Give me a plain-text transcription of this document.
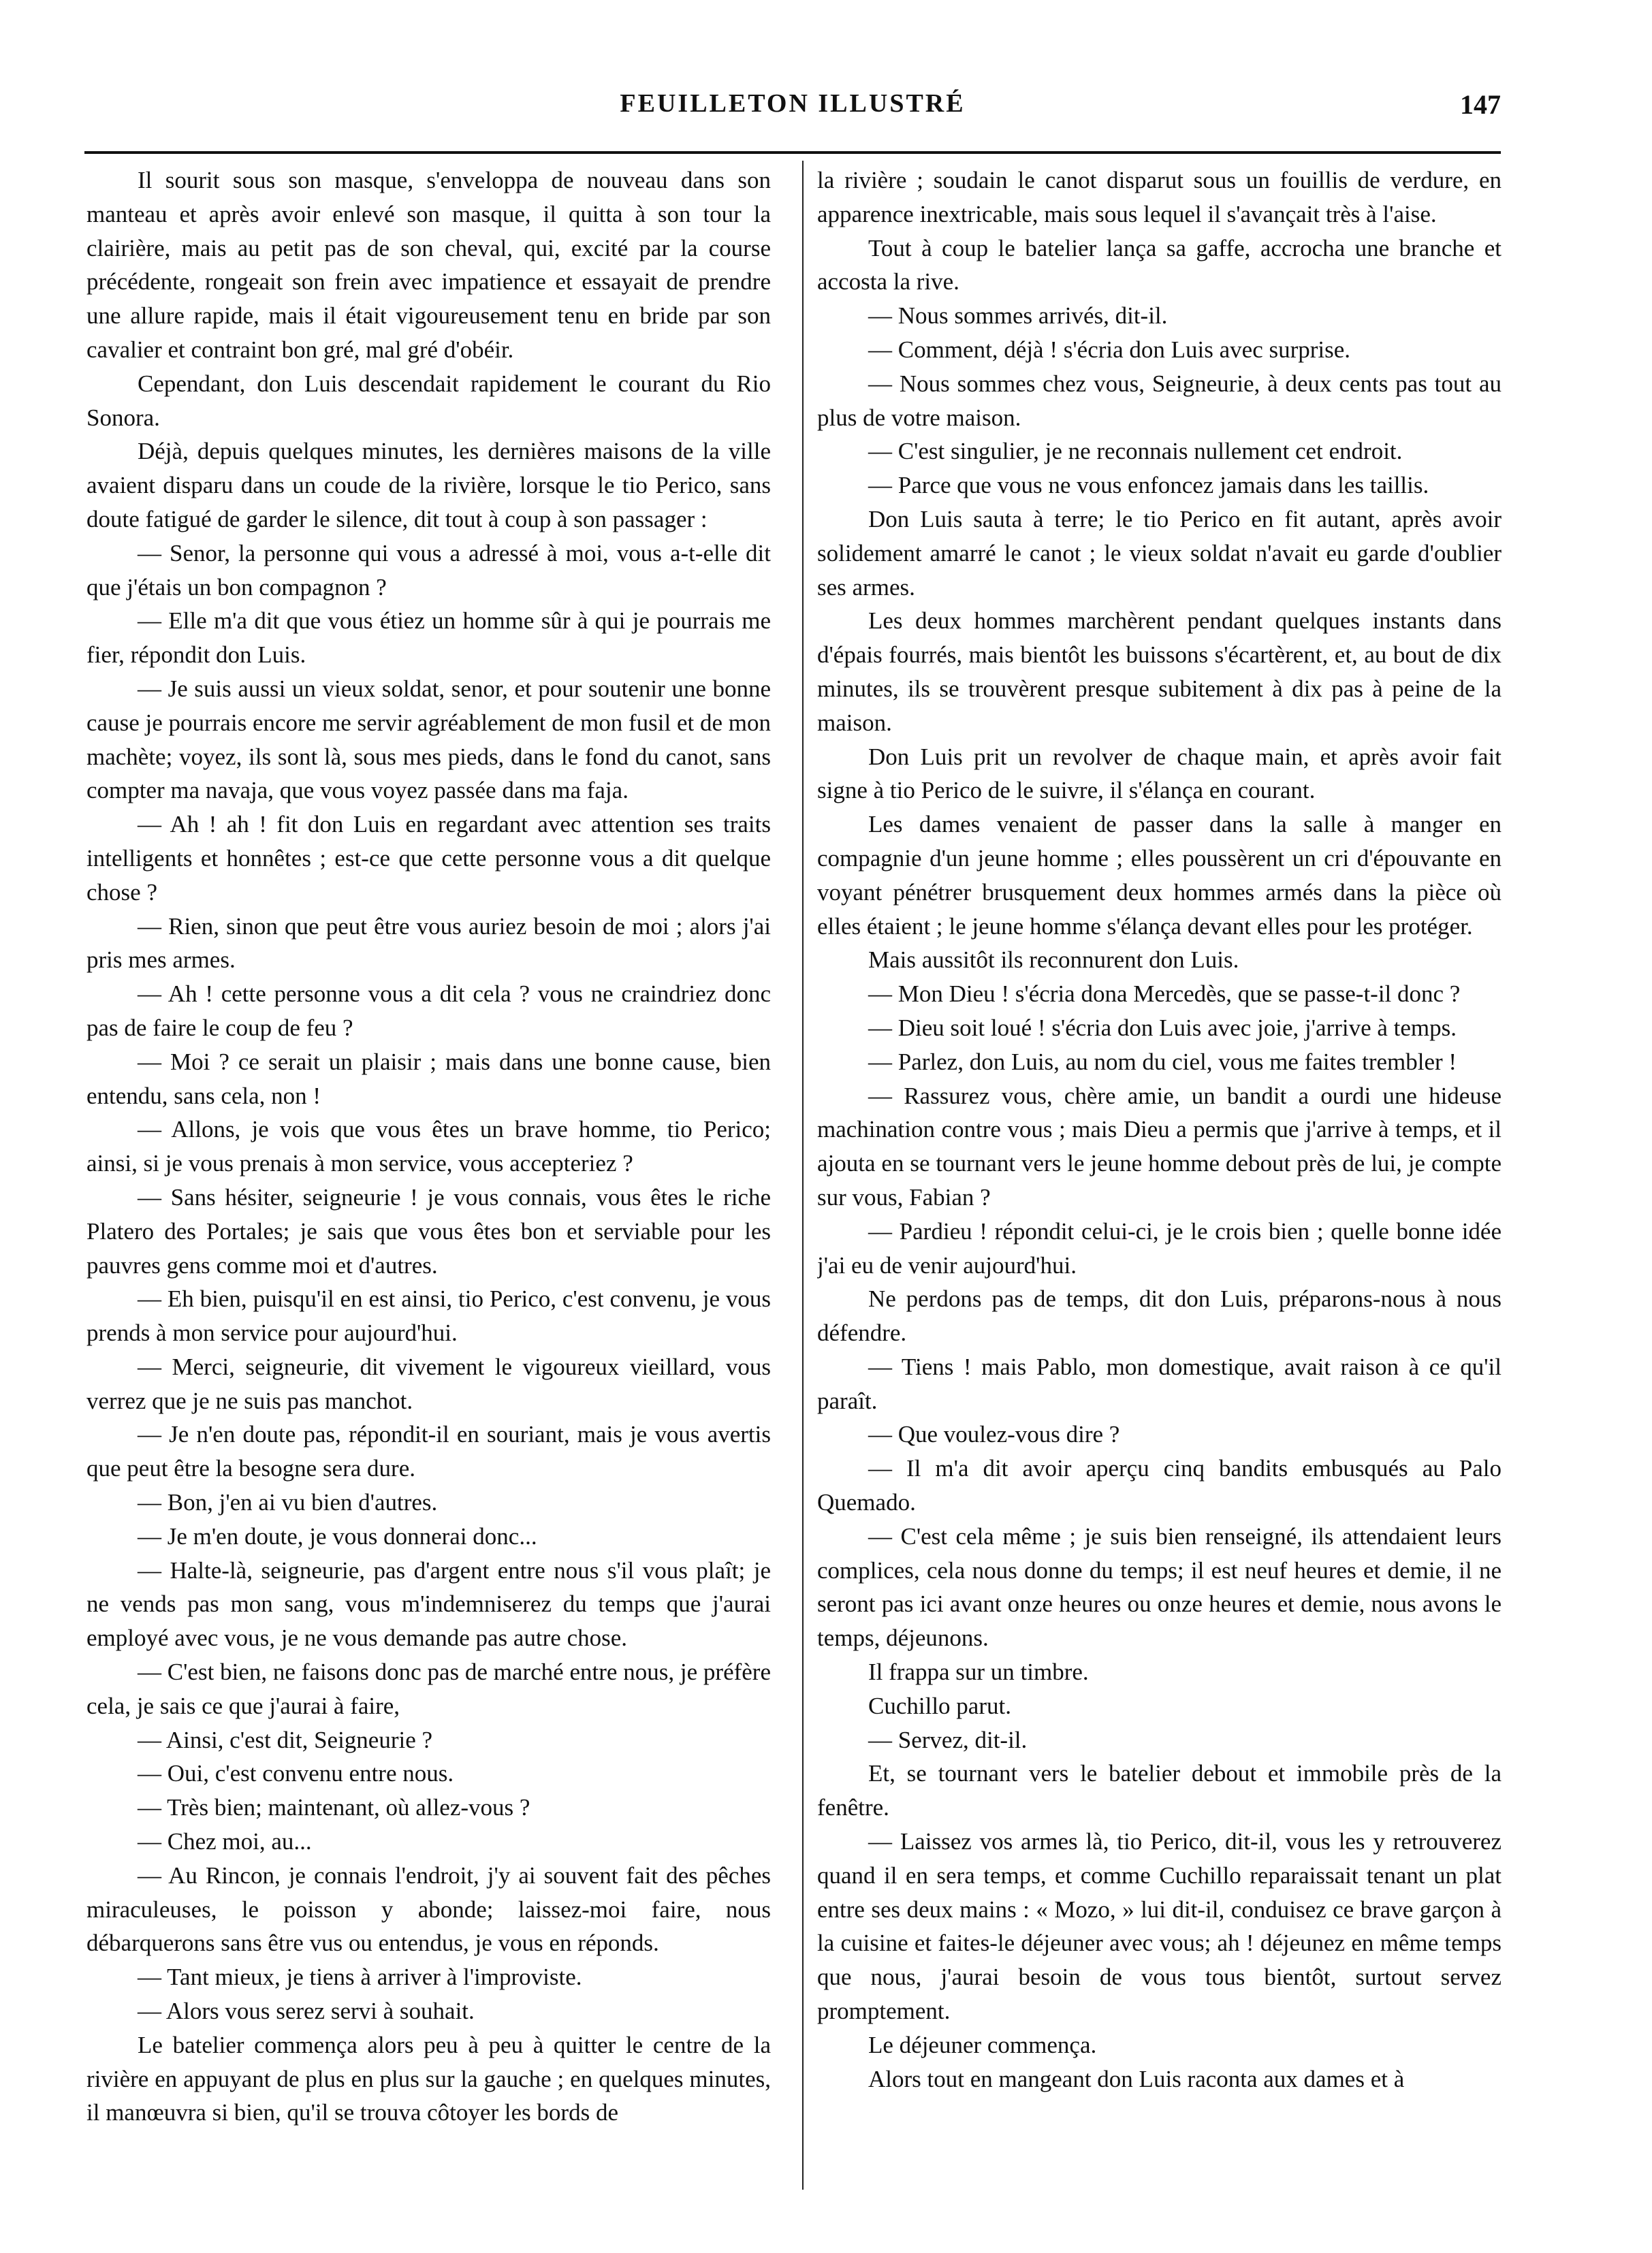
FEUILLETON ILLUSTRÉ	147

Il sourit sous son masque, s'enveloppa de nouveau dans son manteau et après avoir enlevé son masque, il quitta à son tour la clairière, mais au petit pas de son cheval, qui, excité par la course précédente, rongeait son frein avec impatience et essayait de prendre une allure rapide, mais il était vigoureusement tenu en bride par son cavalier et contraint bon gré, mal gré d'obéir.

Cependant, don Luis descendait rapidement le courant du Rio Sonora.

Déjà, depuis quelques minutes, les dernières maisons de la ville avaient disparu dans un coude de la rivière, lorsque le tio Perico, sans doute fatigué de garder le silence, dit tout à coup à son passager :

— Senor, la personne qui vous a adressé à moi, vous a-t-elle dit que j'étais un bon compagnon ?

— Elle m'a dit que vous étiez un homme sûr à qui je pourrais me fier, répondit don Luis.

— Je suis aussi un vieux soldat, senor, et pour soutenir une bonne cause je pourrais encore me servir agréablement de mon fusil et de mon machète; voyez, ils sont là, sous mes pieds, dans le fond du canot, sans compter ma navaja, que vous voyez passée dans ma faja.

— Ah ! ah ! fit don Luis en regardant avec attention ses traits intelligents et honnêtes ; est-ce que cette personne vous a dit quelque chose ?

— Rien, sinon que peut être vous auriez besoin de moi ; alors j'ai pris mes armes.

— Ah ! cette personne vous a dit cela ? vous ne craindriez donc pas de faire le coup de feu ?

— Moi ? ce serait un plaisir ; mais dans une bonne cause, bien entendu, sans cela, non !

— Allons, je vois que vous êtes un brave homme, tio Perico; ainsi, si je vous prenais à mon service, vous accepteriez ?

— Sans hésiter, seigneurie ! je vous connais, vous êtes le riche Platero des Portales; je sais que vous êtes bon et serviable pour les pauvres gens comme moi et d'autres.

— Eh bien, puisqu'il en est ainsi, tio Perico, c'est convenu, je vous prends à mon service pour aujourd'hui.

— Merci, seigneurie, dit vivement le vigoureux vieillard, vous verrez que je ne suis pas manchot.

— Je n'en doute pas, répondit-il en souriant, mais je vous avertis que peut être la besogne sera dure.

— Bon, j'en ai vu bien d'autres.

— Je m'en doute, je vous donnerai donc...

— Halte-là, seigneurie, pas d'argent entre nous s'il vous plaît; je ne vends pas mon sang, vous m'indemniserez du temps que j'aurai employé avec vous, je ne vous demande pas autre chose.

— C'est bien, ne faisons donc pas de marché entre nous, je préfère cela, je sais ce que j'aurai à faire,

— Ainsi, c'est dit, Seigneurie ?

— Oui, c'est convenu entre nous.

— Très bien; maintenant, où allez-vous ?

— Chez moi, au...

— Au Rincon, je connais l'endroit, j'y ai souvent fait des pêches miraculeuses, le poisson y abonde; laissez-moi faire, nous débarquerons sans être vus ou entendus, je vous en réponds.

— Tant mieux, je tiens à arriver à l'improviste.

— Alors vous serez servi à souhait.

Le batelier commença alors peu à peu à quitter le centre de la rivière en appuyant de plus en plus sur la gauche ; en quelques minutes, il manœuvra si bien, qu'il se trouva côtoyer les bords de

la rivière ; soudain le canot disparut sous un fouillis de verdure, en apparence inextricable, mais sous lequel il s'avançait très à l'aise.

Tout à coup le batelier lança sa gaffe, accrocha une branche et accosta la rive.

— Nous sommes arrivés, dit-il.

— Comment, déjà ! s'écria don Luis avec surprise.

— Nous sommes chez vous, Seigneurie, à deux cents pas tout au plus de votre maison.

— C'est singulier, je ne reconnais nullement cet endroit.

— Parce que vous ne vous enfoncez jamais dans les taillis.

Don Luis sauta à terre; le tio Perico en fit autant, après avoir solidement amarré le canot ; le vieux soldat n'avait eu garde d'oublier ses armes.

Les deux hommes marchèrent pendant quelques instants dans d'épais fourrés, mais bientôt les buissons s'écartèrent, et, au bout de dix minutes, ils se trouvèrent presque subitement à dix pas à peine de la maison.

Don Luis prit un revolver de chaque main, et après avoir fait signe à tio Perico de le suivre, il s'élança en courant.

Les dames venaient de passer dans la salle à manger en compagnie d'un jeune homme ; elles poussèrent un cri d'épouvante en voyant pénétrer brusquement deux hommes armés dans la pièce où elles étaient ; le jeune homme s'élança devant elles pour les protéger.

Mais aussitôt ils reconnurent don Luis.

— Mon Dieu ! s'écria dona Mercedès, que se passe-t-il donc ?

— Dieu soit loué ! s'écria don Luis avec joie, j'arrive à temps.

— Parlez, don Luis, au nom du ciel, vous me faites trembler !

— Rassurez vous, chère amie, un bandit a ourdi une hideuse machination contre vous ; mais Dieu a permis que j'arrive à temps, et il ajouta en se tournant vers le jeune homme debout près de lui, je compte sur vous, Fabian ?

— Pardieu ! répondit celui-ci, je le crois bien ; quelle bonne idée j'ai eu de venir aujourd'hui.

Ne perdons pas de temps, dit don Luis, préparons-nous à nous défendre.

— Tiens ! mais Pablo, mon domestique, avait raison à ce qu'il paraît.

— Que voulez-vous dire ?

— Il m'a dit avoir aperçu cinq bandits embusqués au Palo Quemado.

— C'est cela même ; je suis bien renseigné, ils attendaient leurs complices, cela nous donne du temps; il est neuf heures et demie, il ne seront pas ici avant onze heures ou onze heures et demie, nous avons le temps, déjeunons.

Il frappa sur un timbre.

Cuchillo parut.

— Servez, dit-il.

Et, se tournant vers le batelier debout et immobile près de la fenêtre.

— Laissez vos armes là, tio Perico, dit-il, vous les y retrouverez quand il en sera temps, et comme Cuchillo reparaissait tenant un plat entre ses deux mains : « Mozo, » lui dit-il, conduisez ce brave garçon à la cuisine et faites-le déjeuner avec vous; ah ! déjeunez en même temps que nous, j'aurai besoin de vous tous bientôt, surtout servez promptement.

Le déjeuner commença.

Alors tout en mangeant don Luis raconta aux dames et à
